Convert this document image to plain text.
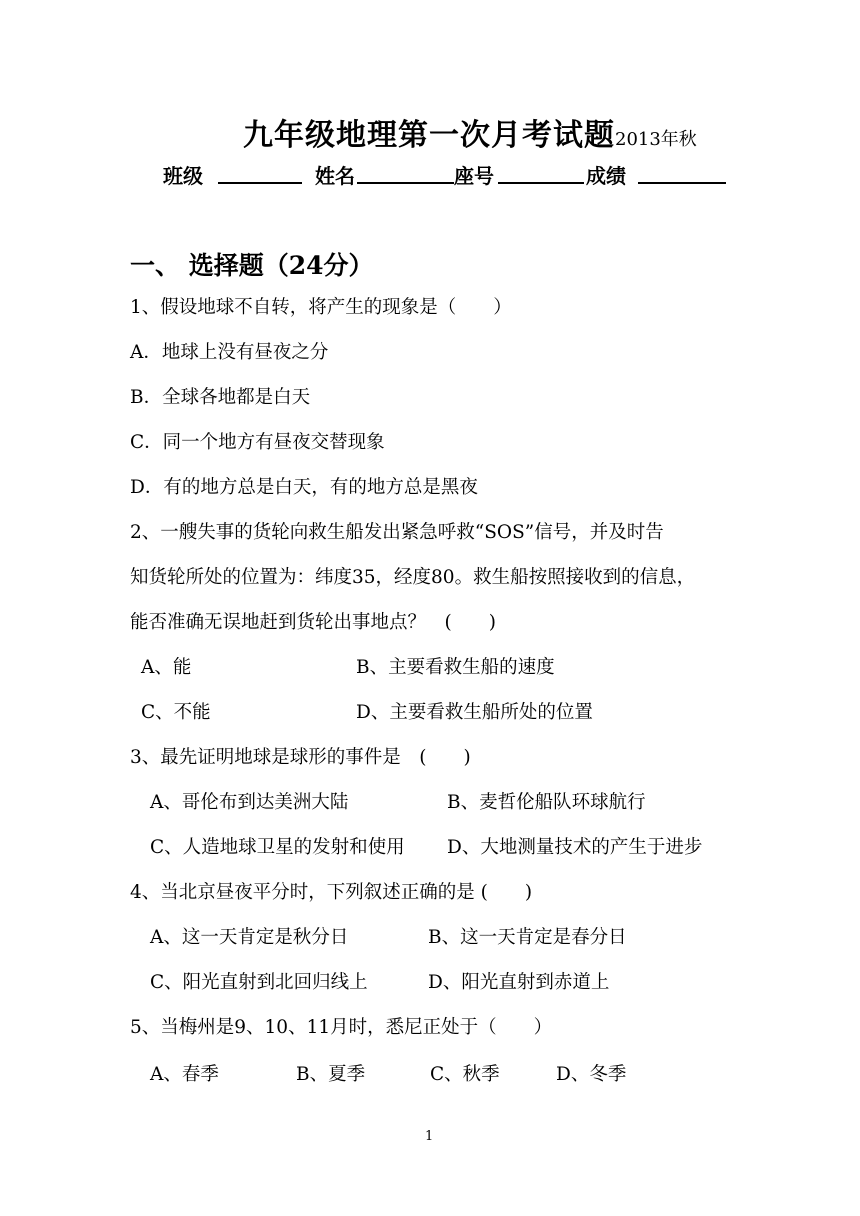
九年级地理第一次月考试题2013年秋
班级	姓名	座号	成绩
一、 选择题（24分）
1、假设地球不自转，将产生的现象是（　　）
A．地球上没有昼夜之分
B．全球各地都是白天
C．同一个地方有昼夜交替现象
D．有的地方总是白天，有的地方总是黑夜
2、一艘失事的货轮向救生船发出紧急呼救“SOS”信号，并及时告
知货轮所处的位置为：纬度35，经度80。救生船按照接收到的信息，
能否准确无误地赶到货轮出事地点？　(　　)
A、能	B、主要看救生船的速度
C、不能	D、主要看救生船所处的位置
3、最先证明地球是球形的事件是　(　　)
A、哥伦布到达美洲大陆	B、麦哲伦船队环球航行
C、人造地球卫星的发射和使用 D、大地测量技术的产生于进步
4、当北京昼夜平分时，下列叙述正确的是 (　　)
A、这一天肯定是秋分日	B、这一天肯定是春分日
C、阳光直射到北回归线上	D、阳光直射到赤道上
5、当梅州是9、10、11月时，悉尼正处于（　　）
A、春季	B、夏季	C、秋季	D、冬季
1
